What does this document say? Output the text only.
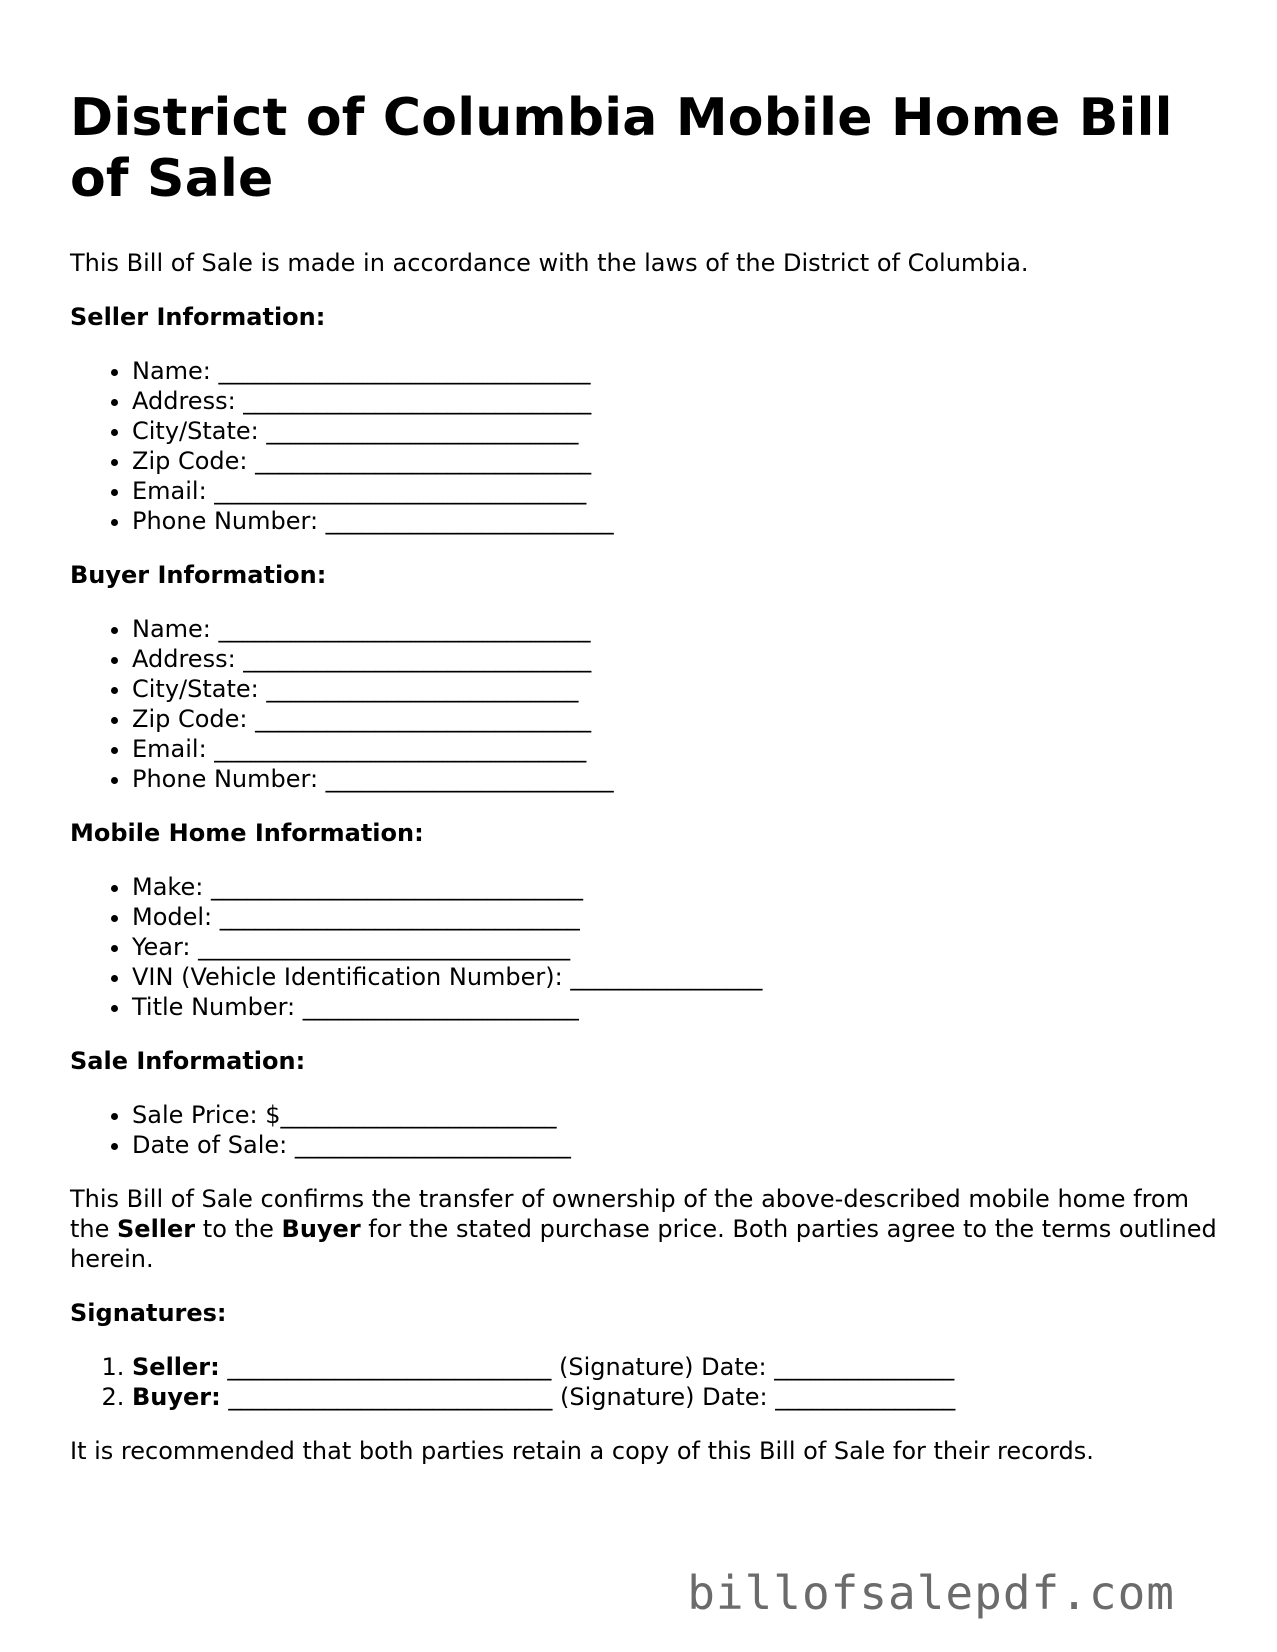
District of Columbia Mobile Home Bill of Sale

This Bill of Sale is made in accordance with the laws of the District of Columbia.

Seller Information:

• Name: _______________________________
• Address: _____________________________
• City/State: __________________________
• Zip Code: ____________________________
• Email: _______________________________
• Phone Number: ________________________

Buyer Information:

• Name: _______________________________
• Address: _____________________________
• City/State: __________________________
• Zip Code: ____________________________
• Email: _______________________________
• Phone Number: ________________________

Mobile Home Information:

• Make: _______________________________
• Model: ______________________________
• Year: _______________________________
• VIN (Vehicle Identification Number): ________________
• Title Number: _______________________

Sale Information:

• Sale Price: $_______________________
• Date of Sale: _______________________

This Bill of Sale confirms the transfer of ownership of the above-described mobile home from the Seller to the Buyer for the stated purchase price. Both parties agree to the terms outlined herein.

Signatures:

1. Seller: ___________________________ (Signature) Date: _______________
2. Buyer: ___________________________ (Signature) Date: _______________

It is recommended that both parties retain a copy of this Bill of Sale for their records.

billofsalepdf.com
